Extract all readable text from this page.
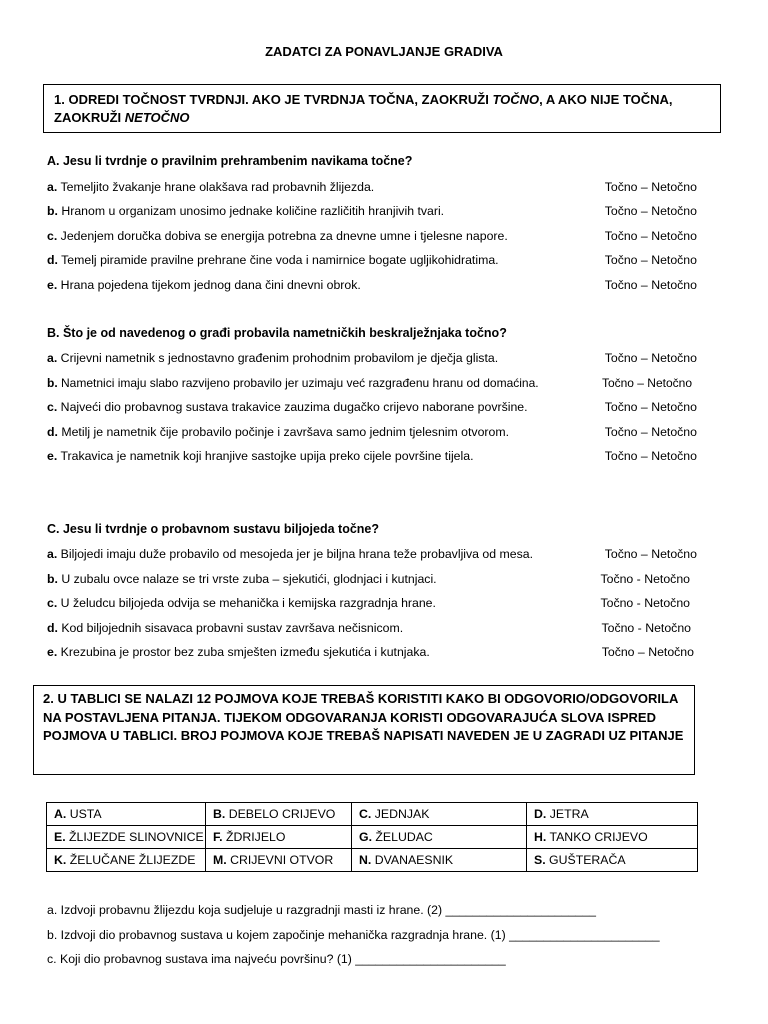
ZADATCI ZA PONAVLJANJE GRADIVA
1. ODREDI TOČNOST TVRDNJI. AKO JE TVRDNJA TOČNA, ZAOKRUŽI TOČNO, A AKO NIJE TOČNA,
ZAOKRUŽI NETOČNO
A. Jesu li tvrdnje o pravilnim prehrambenim navikama točne?
a. Temeljito žvakanje hrane olakšava rad probavnih žlijezda.	Točno – Netočno
b. Hranom u organizam unosimo jednake količine različitih hranjivih tvari.	Točno – Netočno
c. Jedenjem doručka dobiva se energija potrebna za dnevne umne i tjelesne napore.	Točno – Netočno
d. Temelj piramide pravilne prehrane čine voda i namirnice bogate ugljikohidratima.	Točno – Netočno
e. Hrana pojedena tijekom jednog dana čini dnevni obrok.	Točno – Netočno
B. Što je od navedenog o građi probavila nametničkih beskralježnjaka točno?
a. Crijevni nametnik s jednostavno građenim prohodnim probavilom je dječja glista.	Točno – Netočno
b. Nametnici imaju slabo razvijeno probavilo jer uzimaju već razgrađenu hranu od domaćina.	Točno – Netočno
c. Najveći dio probavnog sustava trakavice zauzima dugačko crijevo naborane površine.	Točno – Netočno
d. Metilj je nametnik čije probavilo počinje i završava samo jednim tjelesnim otvorom.	Točno – Netočno
e. Trakavica je nametnik koji hranjive sastojke upija preko cijele površine tijela.	Točno – Netočno
C. Jesu li tvrdnje o probavnom sustavu biljojeda točne?
a. Biljojedi imaju duže probavilo od mesojeda jer je biljna hrana teže probavljiva od mesa.	Točno – Netočno
b. U zubalu ovce nalaze se tri vrste zuba – sjekutići, glodnjaci i kutnjaci.	Točno - Netočno
c. U želudcu biljojeda odvija se mehanička i kemijska razgradnja hrane.	Točno - Netočno
d. Kod biljojednih sisavaca probavni sustav završava nečisnicom.	Točno - Netočno
e. Krezubina je prostor bez zuba smješten između sjekutića i kutnjaka.	Točno – Netočno
2. U TABLICI SE NALAZI 12 POJMOVA KOJE TREBAŠ KORISTITI KAKO BI ODGOVORIO/ODGOVORILA NA POSTAVLJENA PITANJA. TIJEKOM ODGOVARANJA KORISTI ODGOVARAJUĆA SLOVA ISPRED POJMOVA U TABLICI. BROJ POJMOVA KOJE TREBAŠ NAPISATI NAVEDEN JE U ZAGRADI UZ PITANJE
A. USTA	B. DEBELO CRIJEVO	C. JEDNJAK	D. JETRA
E. ŽLIJEZDE SLINOVNICE	F. ŽDRIJELO	G. ŽELUDAC	H. TANKO CRIJEVO
K. ŽELUČANE ŽLIJEZDE	M. CRIJEVNI OTVOR	N. DVANAESNIK	S. GUŠTERAČA
a. Izdvoji probavnu žlijezdu koja sudjeluje u razgradnji masti iz hrane. (2) ______________________
b. Izdvoji dio probavnog sustava u kojem započinje mehanička razgradnja hrane. (1) ______________________
c. Koji dio probavnog sustava ima najveću površinu? (1) ______________________
